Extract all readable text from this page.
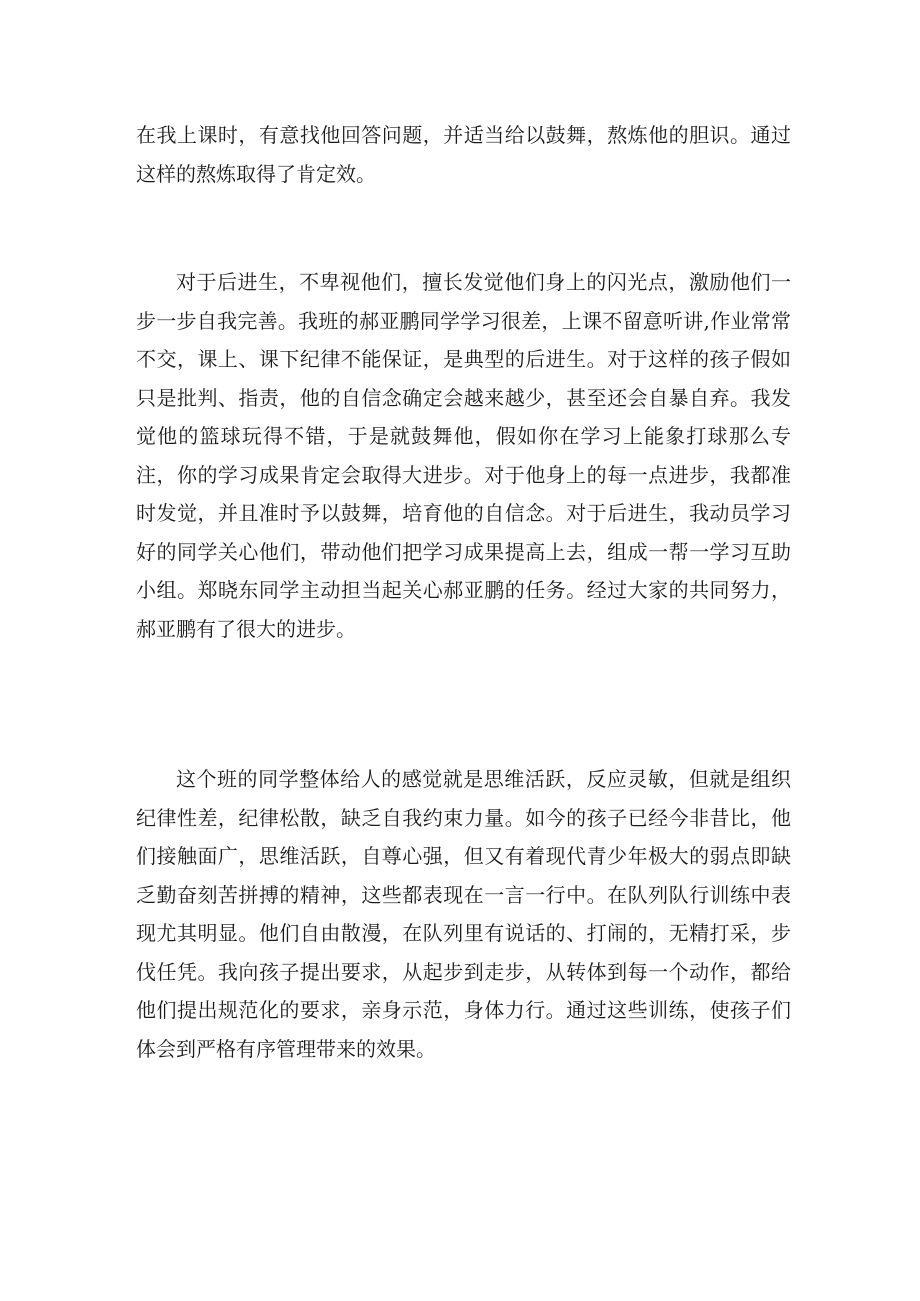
在我上课时，有意找他回答问题，并适当给以鼓舞，熬炼他的胆识。通过这样的熬炼取得了肯定效。

对于后进生，不卑视他们，擅长发觉他们身上的闪光点，激励他们一步一步自我完善。我班的郝亚鹏同学学习很差，上课不留意听讲,作业常常不交，课上、课下纪律不能保证，是典型的后进生。对于这样的孩子假如只是批判、指责，他的自信念确定会越来越少，甚至还会自暴自弃。我发觉他的篮球玩得不错，于是就鼓舞他，假如你在学习上能象打球那么专注，你的学习成果肯定会取得大进步。对于他身上的每一点进步，我都准时发觉，并且准时予以鼓舞，培育他的自信念。对于后进生，我动员学习好的同学关心他们，带动他们把学习成果提高上去，组成一帮一学习互助小组。郑晓东同学主动担当起关心郝亚鹏的任务。经过大家的共同努力，郝亚鹏有了很大的进步。

这个班的同学整体给人的感觉就是思维活跃，反应灵敏，但就是组织纪律性差，纪律松散，缺乏自我约束力量。如今的孩子已经今非昔比，他们接触面广，思维活跃，自尊心强，但又有着现代青少年极大的弱点即缺乏勤奋刻苦拼搏的精神，这些都表现在一言一行中。在队列队行训练中表现尤其明显。他们自由散漫，在队列里有说话的、打闹的，无精打采，步伐任凭。我向孩子提出要求，从起步到走步，从转体到每一个动作，都给他们提出规范化的要求，亲身示范，身体力行。通过这些训练，使孩子们体会到严格有序管理带来的效果。
